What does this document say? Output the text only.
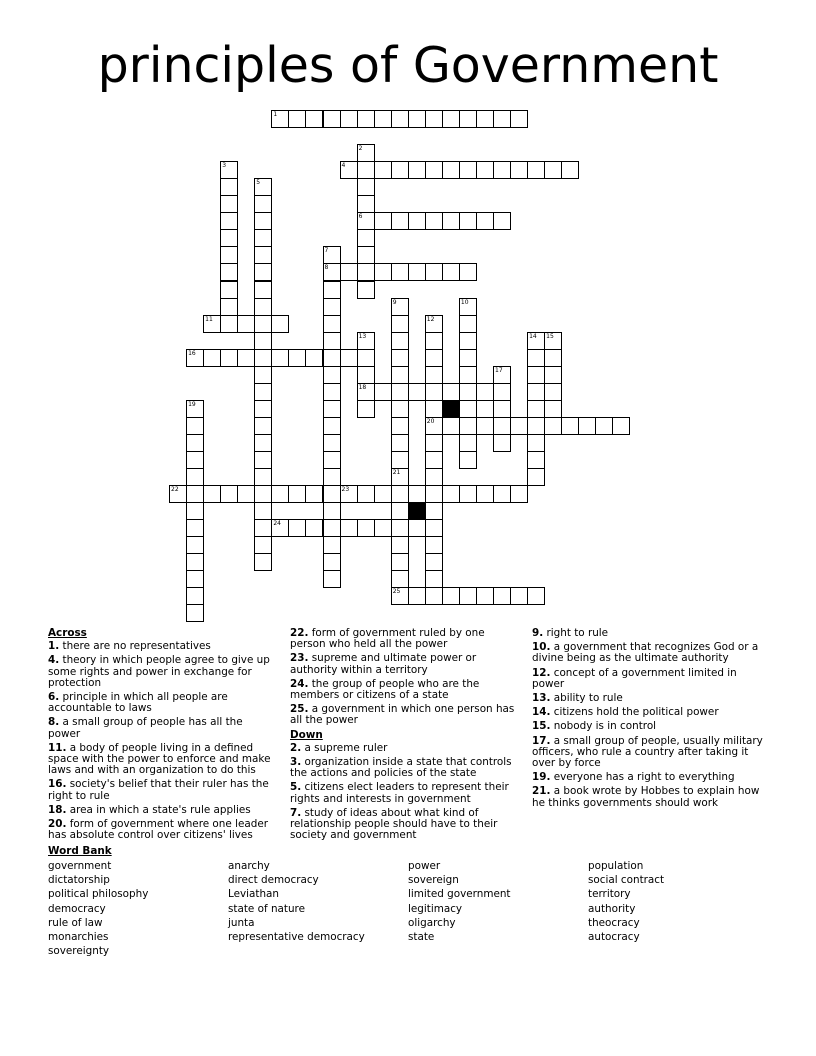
principles of Government
1
2
6
3	4
5
7
8
9	10
11	12
20
13
18
14 15
16
17
19
21
25
22	23
24
Across
1. there are no representatives
4. theory in which people agree to give up some rights and power in exchange for protection
6. principle in which all people are accountable to laws
8. a small group of people has all the power
11. a body of people living in a defined space with the power to enforce and make laws and with an organization to do this
16. society's belief that their ruler has the right to rule
18. area in which a state's rule applies
20. form of government where one leader has absolute control over citizens' lives
22. form of government ruled by one person who held all the power
23. supreme and ultimate power or authority within a territory
24. the group of people who are the members or citizens of a state
25. a government in which one person has all the power
Down
2. a supreme ruler
3. organization inside a state that controls the actions and policies of the state
5. citizens elect leaders to represent their rights and interests in government
7. study of ideas about what kind of relationship people should have to their society and government
9. right to rule
10. a government that recognizes God or a divine being as the ultimate authority
12. concept of a government limited in power
13. ability to rule
14. citizens hold the political power
15. nobody is in control
17. a small group of people, usually military officers, who rule a country after taking it over by force
19. everyone has a right to everything
21. a book wrote by Hobbes to explain how he thinks governments should work
Word Bank
government
dictatorship
political philosophy
democracy
rule of law
monarchies
sovereignty
anarchy
direct democracy
Leviathan
state of nature
junta
representative democracy
power
sovereign
limited government
legitimacy
oligarchy
state
population
social contract
territory
authority
theocracy
autocracy
